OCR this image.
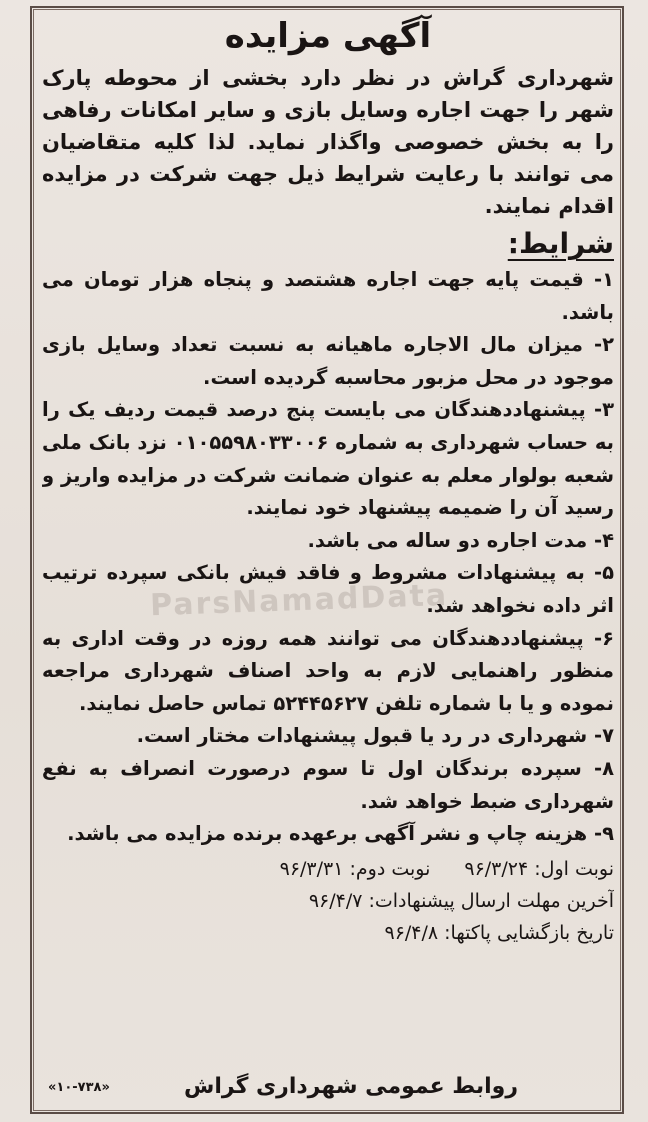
ParsNamadData
آگهی مزایده

شهرداری گراش در نظر دارد بخشی از محوطه پارک شهر را جهت اجاره وسایل بازی و سایر امکانات رفاهی را به بخش خصوصی واگذار نماید. لذا کلیه متقاضیان می توانند با رعایت شرایط ذیل جهت شرکت در مزایده اقدام نمایند.

شرایط:
۱- قیمت پایه جهت اجاره هشتصد و پنجاه هزار تومان می باشد.
۲- میزان مال الاجاره ماهیانه به نسبت تعداد وسایل بازی موجود در محل مزبور محاسبه گردیده است.
۳- پیشنهاددهندگان می بایست پنج درصد قیمت ردیف یک را به حساب شهرداری به شماره ۰۱۰۵۵۹۸۰۳۳۰۰۶ نزد بانک ملی شعبه بولوار معلم به عنوان ضمانت شرکت در مزایده واریز و رسید آن را ضمیمه پیشنهاد خود نمایند.
۴- مدت اجاره دو ساله می باشد.
۵- به پیشنهادات مشروط و فاقد فیش بانکی سپرده ترتیب اثر داده نخواهد شد.
۶- پیشنهاددهندگان می توانند همه روزه در وقت اداری به منظور راهنمایی لازم به واحد اصناف شهرداری مراجعه نموده و یا با شماره تلفن ۵۲۴۴۵۶۲۷ تماس حاصل نمایند.
۷- شهرداری در رد یا قبول پیشنهادات مختار است.
۸- سپرده برندگان اول تا سوم درصورت انصراف به نفع شهرداری ضبط خواهد شد.
۹- هزینه چاپ و نشر آگهی برعهده برنده مزایده می باشد.

نوبت اول: ۹۶/۳/۲۴نوبت دوم: ۹۶/۳/۳۱

آخرین مهلت ارسال پیشنهادات: ۹۶/۴/۷

تاریخ بازگشایی پاکتها: ۹۶/۴/۸

روابط عمومی شهرداری گراش
«۱۰-۷۳۸»
